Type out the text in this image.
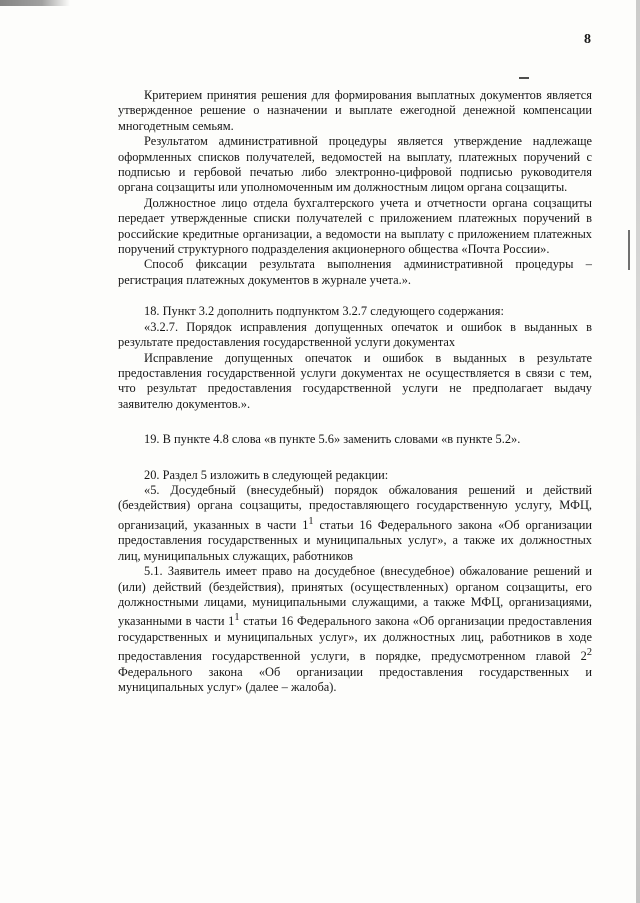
8

Критерием принятия решения для формирования выплатных документов является утвержденное решение о назначении и выплате ежегодной денежной компенсации многодетным семьям.

Результатом административной процедуры является утверждение надлежаще оформленных списков получателей, ведомостей на выплату, платежных поручений с подписью и гербовой печатью либо электронно-цифровой подписью руководителя органа соцзащиты или уполномоченным им должностным лицом органа соцзащиты.

Должностное лицо отдела бухгалтерского учета и отчетности органа соцзащиты передает утвержденные списки получателей с приложением платежных поручений в российские кредитные организации, а ведомости на выплату с приложением платежных поручений структурного подразделения акционерного общества «Почта России».

Способ фиксации результата выполнения административной процедуры – регистрация платежных документов в журнале учета.».

18. Пункт 3.2 дополнить подпунктом 3.2.7 следующего содержания:

«3.2.7. Порядок исправления допущенных опечаток и ошибок в выданных в результате предоставления государственной услуги документах

Исправление допущенных опечаток и ошибок в выданных в результате предоставления государственной услуги документах не осуществляется в связи с тем, что результат предоставления государственной услуги не предполагает выдачу заявителю документов.».

19. В пункте 4.8 слова «в пункте 5.6» заменить словами «в пункте 5.2».

20. Раздел 5 изложить в следующей редакции:

«5. Досудебный (внесудебный) порядок обжалования решений и действий (бездействия) органа соцзащиты, предоставляющего государственную услугу, МФЦ, организаций, указанных в части $1^1$ статьи 16 Федерального закона «Об организации предоставления государственных и муниципальных услуг», а также их должностных лиц, муниципальных служащих, работников

5.1. Заявитель имеет право на досудебное (внесудебное) обжалование решений и (или) действий (бездействия), принятых (осуществленных) органом соцзащиты, его должностными лицами, муниципальными служащими, а также МФЦ, организациями, указанными в части $1^1$ статьи 16 Федерального закона «Об организации предоставления государственных и муниципальных услуг», их должностных лиц, работников в ходе предоставления государственной услуги, в порядке, предусмотренном главой $2^2$ Федерального закона «Об организации предоставления государственных и муниципальных услуг» (далее – жалоба).
